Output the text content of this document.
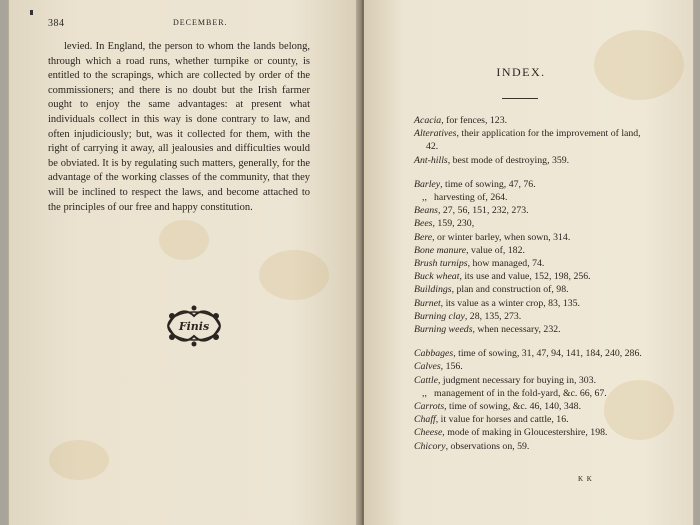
384	DECEMBER.

levied. In England, the person to whom the lands belong, through which a road runs, whether turnpike or county, is entitled to the scrapings, which are collected by order of the commissioners; and there is no doubt but the Irish farmer ought to enjoy the same advantages: at present what individuals collect in this way is done contrary to law, and often injudiciously; but, was it collected for them, with the right of carrying it away, all jealousies and difficulties would be obviated. It is by regulating such matters, generally, for the advantage of the working classes of the community, that they will be inclined to respect the laws, and become attached to the principles of our free and happy constitution.

Finis
INDEX.

Acacia, for fences, 123.

Alteratives, their application for the improvement of land, 42.

Ant-hills, best mode of destroying, 359.

Barley, time of sowing, 47, 76.

,, harvesting of, 264.

Beans, 27, 56, 151, 232, 273.

Bees, 159, 230,

Bere, or winter barley, when sown, 314.

Bone manure, value of, 182.

Brush turnips, how managed, 74.

Buck wheat, its use and value, 152, 198, 256.

Buildings, plan and construction of, 98.

Burnet, its value as a winter crop, 83, 135.

Burning clay, 28, 135, 273.

Burning weeds, when necessary, 232.

Cabbages, time of sowing, 31, 47, 94, 141, 184, 240, 286.

Calves, 156.

Cattle, judgment necessary for buying in, 303.

,, management of in the fold-yard, &c. 66, 67.

Carrots, time of sowing, &c. 46, 140, 348.

Chaff, it value for horses and cattle, 16.

Cheese, mode of making in Gloucestershire, 198.

Chicory, observations on, 59.

K K
